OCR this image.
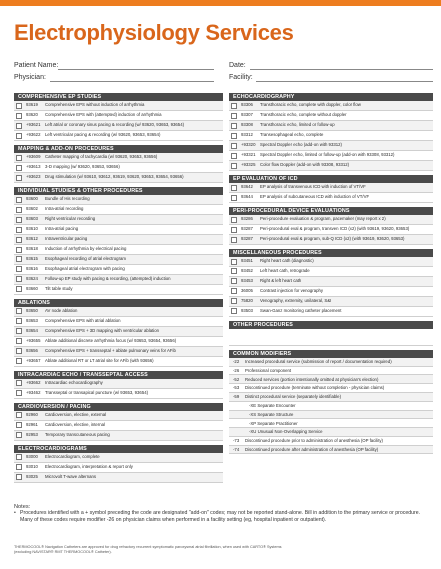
Electrophysiology Services
Patient Name:
Physician:
Date:
Facility:
COMPREHENSIVE EP STUDIES
93619	Comprehensive EPS without induction of arrhythmia
93620	Comprehensive EPS with (attempted) induction of arrhythmia
+93621	Left atrial or coronary sinus pacing & recording (w/ 93620, 93653, 93654)
+93622	Left ventricular pacing & recording (w/ 93620, 93653, 93654)
MAPPING & ADD-ON PROCEDURES
+93609	Catheter mapping of tachycardia (w/ 93620, 93653, 93656)
+93613	3-D mapping (w/ 93620, 93653, 93656)
+93623	Drug stimulation (w/ 93610, 93612, 93619, 93620, 93653, 93654, 93656)
INDIVIDUAL STUDIES & OTHER PROCEDURES
93600	Bundle of His recording
93602	Intra-atrial recording
93603	Right ventricular recording
93610	Intra-atrial pacing
93612	Intraventricular pacing
93618	Induction of arrhythmia by electrical pacing
93615	Esophageal recording of atrial electrogram
93616	Esophageal atrial electrogram with pacing
93624	Follow-up EP study with pacing & recording, (attempted) induction
93660	Tilt table study
ABLATIONS
93650	AV node ablation
93653	Comprehensive EPS with atrial ablation
93654	Comprehensive EPS + 3D mapping with ventricular ablation
+93655	Ablate additional discrete arrhythmia focus (w/ 93653, 93654, 93656)
93656	Comprehensive EPS + transseptal + ablate pulmonary veins for AFib
+93657	Ablate additional RT or LT atrial site for AFib (with 93656)
INTRACARDIAC ECHO / TRANSSEPTAL ACCESS
+93662	Intracardiac echocardiography
+93462	Transseptal or transapical puncture (w/ 93653, 93654)
CARDIOVERSION / PACING
92960	Cardioversion, elective, external
92961	Cardioversion, elective, internal
92953	Temporary transcutaneous pacing
ELECTROCARDIOGRAMS
93000	Electrocardiogram, complete
93010	Electrocardiogram, interpretation & report only
93025	Microvolt T-wave alternans
ECHOCARDIOGRAPHY
93306	Transthoracic echo, complete with doppler, color flow
93307	Transthoracic echo, complete without doppler
93308	Transthoracic echo, limited or follow-up
93312	Transesophageal echo, complete
+93320	Spectral Doppler echo (add-on with 93312)
+93321	Spectral Doppler echo, limited or follow-up (add-on with 93308, 93312)
+93325	Color flow Doppler (add-on with 93308, 93312)
EP EVALUATION OF ICD
93642	EP analysis of transvenous ICD with induction of VT/VF
93644	EP analysis of subcutaneous ICD with induction of VT/VF
PERI-PROCEDURAL DEVICE EVALUATIONS
93286	Peri-procedure evaluation & program, pacemaker (may report x 2)
93287	Peri-procedural eval & program, transven ICD (x2) (with 93619, 93620, 93653)
93287	Peri-procedural eval & program, sub-Q ICD (x2) (with 93619, 93620, 93653)
MISCELLANEOUS PROCEDURES
93451	Right heart cath (diagnostic)
93452	Left heart cath, retrograde
93453	Right & left heart cath
36005	Contrast injection for venography
75820	Venography, extremity, unilateral, S&I
93503	Swan-Ganz monitoring catheter placement
OTHER PROCEDURES
COMMON MODIFIERS
-22	Increased procedural service (submission of report / documentation required)
-26	Professional component
-52	Reduced services (portion intentionally omitted at physician's election)
-53	Discontinued procedure (terminate without completion - physician claims)
-59	Distinct procedural service (separately identifiable)
-XE Separate Encounter
-XS Separate Structure
-XP Separate Practitioner
-XU Unusual Non-Overlapping Service
-73	Discontinued procedure prior to administration of anesthesia (OP facility)
-74	Discontinued procedure after administration of anesthesia (OP facility)
Notes:
• Procedures identified with a + symbol preceding the code are designated "add-on" codes; may not be reported stand-alone. Bill in addition to the primary service or procedure.
Many of these codes require modifier -26 on physician claims when performed in a facility setting (eg, hospital inpatient or outpatient).
THERMOCOOL® Navigation Catheters are approved for drug refractory recurrent symptomatic paroxysmal atrial fibrillation, when used with CARTO® Systems
(excluding NAVISTAR® RMT THERMOCOOL® Catheter).
